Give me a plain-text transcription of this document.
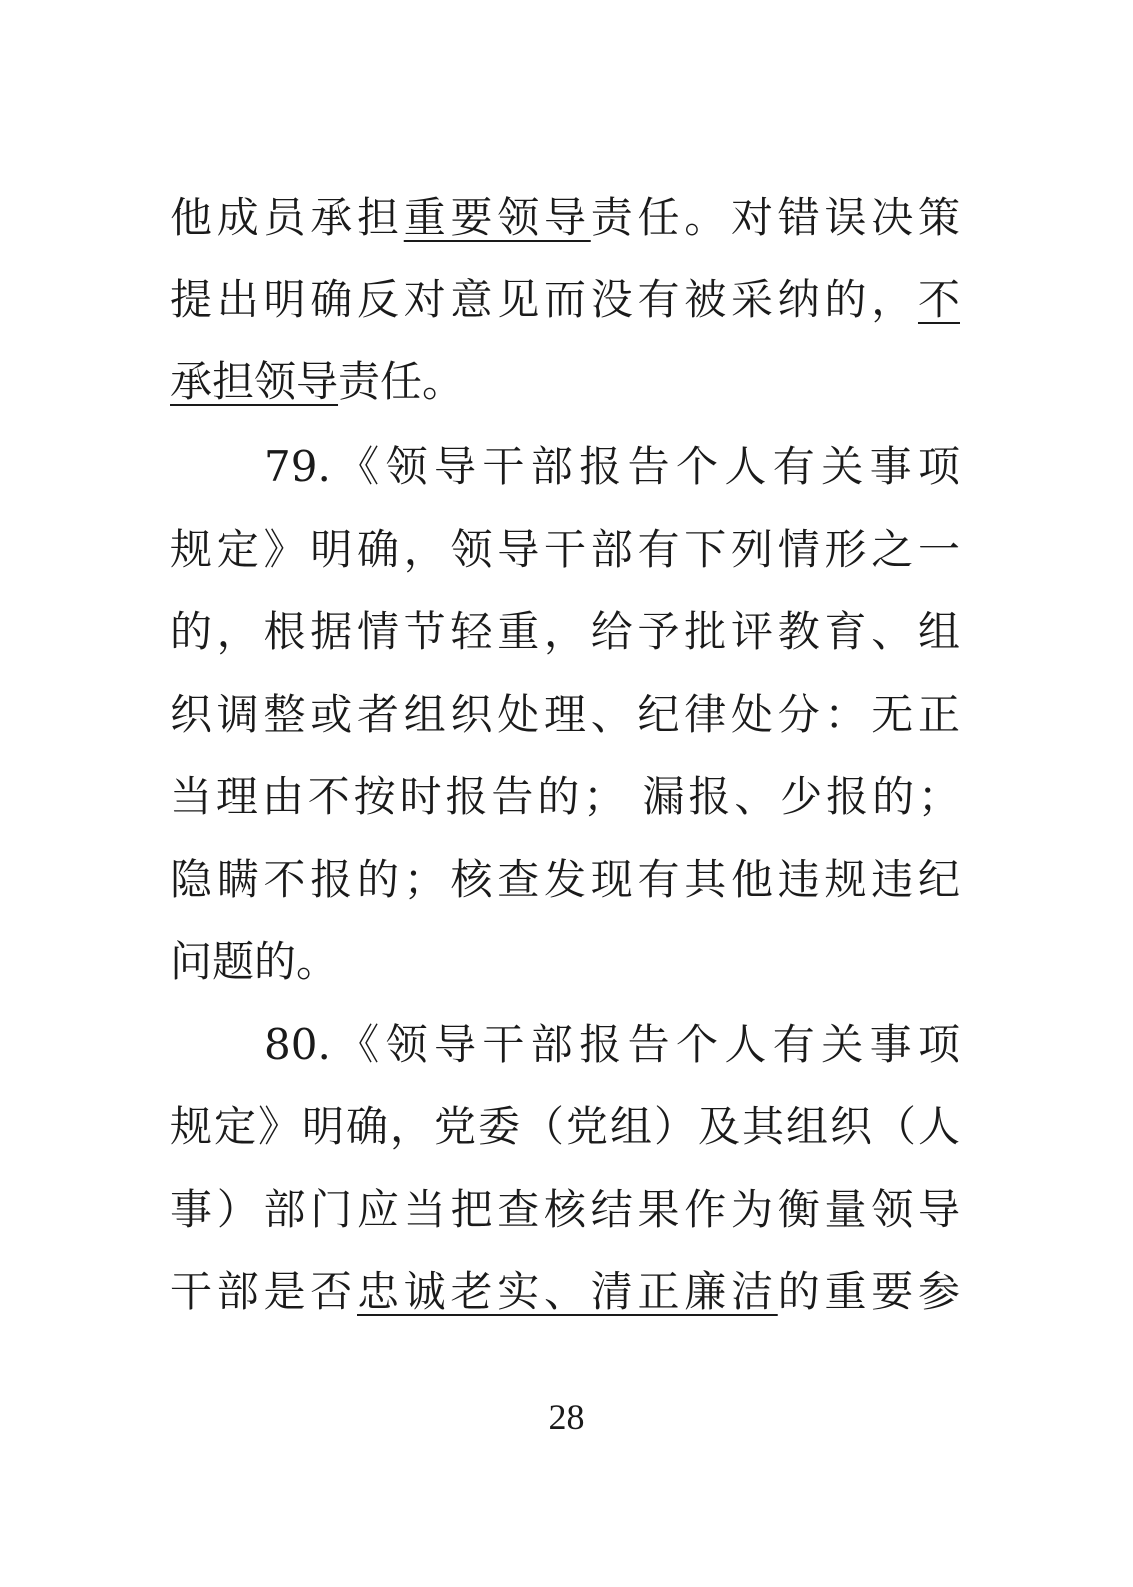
他成员承担重要领导责任。对错误决策
提出明确反对意见而没有被采纳的，不
承担领导责任。
79.《领导干部报告个人有关事项
规定》明确，领导干部有下列情形之一
的，根据情节轻重，给予批评教育、组
织调整或者组织处理、纪律处分：无正
当理由不按时报告的； 漏报、少报的；
隐瞒不报的；核查发现有其他违规违纪
问题的。
80.《领导干部报告个人有关事项
规定》明确，党委（党组）及其组织（人
事）部门应当把查核结果作为衡量领导
干部是否忠诚老实、清正廉洁的重要参
28
